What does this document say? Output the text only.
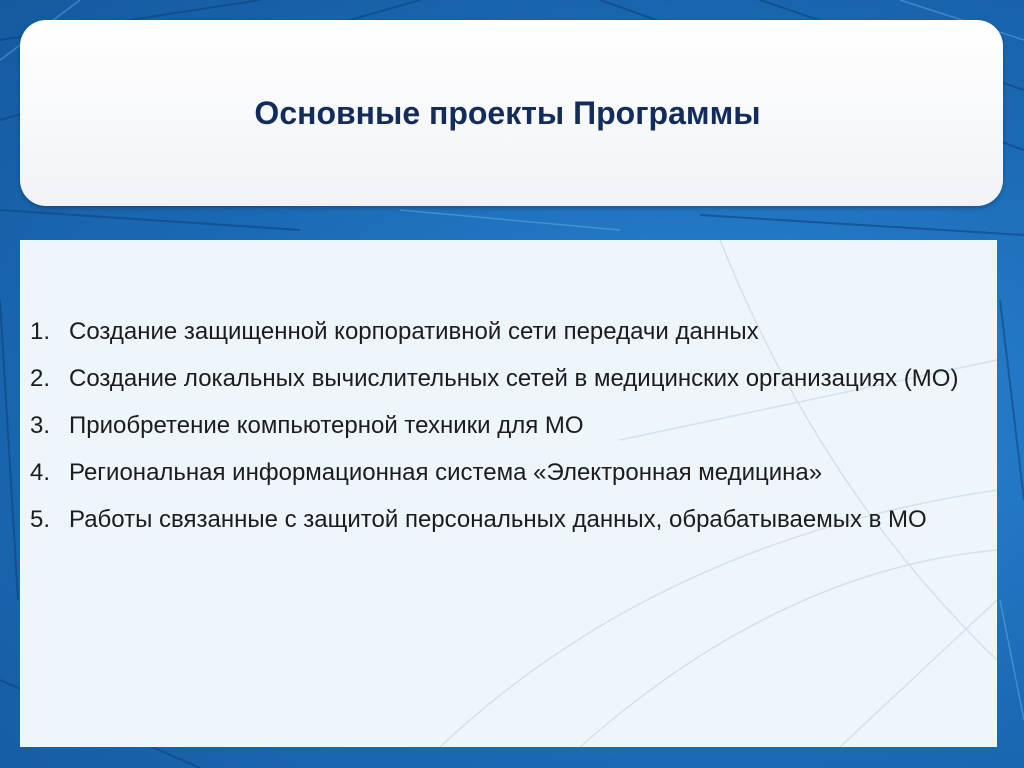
Основные проекты Программы
1. Создание защищенной корпоративной сети передачи данных
2. Создание локальных вычислительных сетей в медицинских организациях (МО)
3. Приобретение компьютерной техники для МО
4. Региональная информационная система «Электронная медицина»
5. Работы связанные с защитой персональных данных, обрабатываемых в МО
